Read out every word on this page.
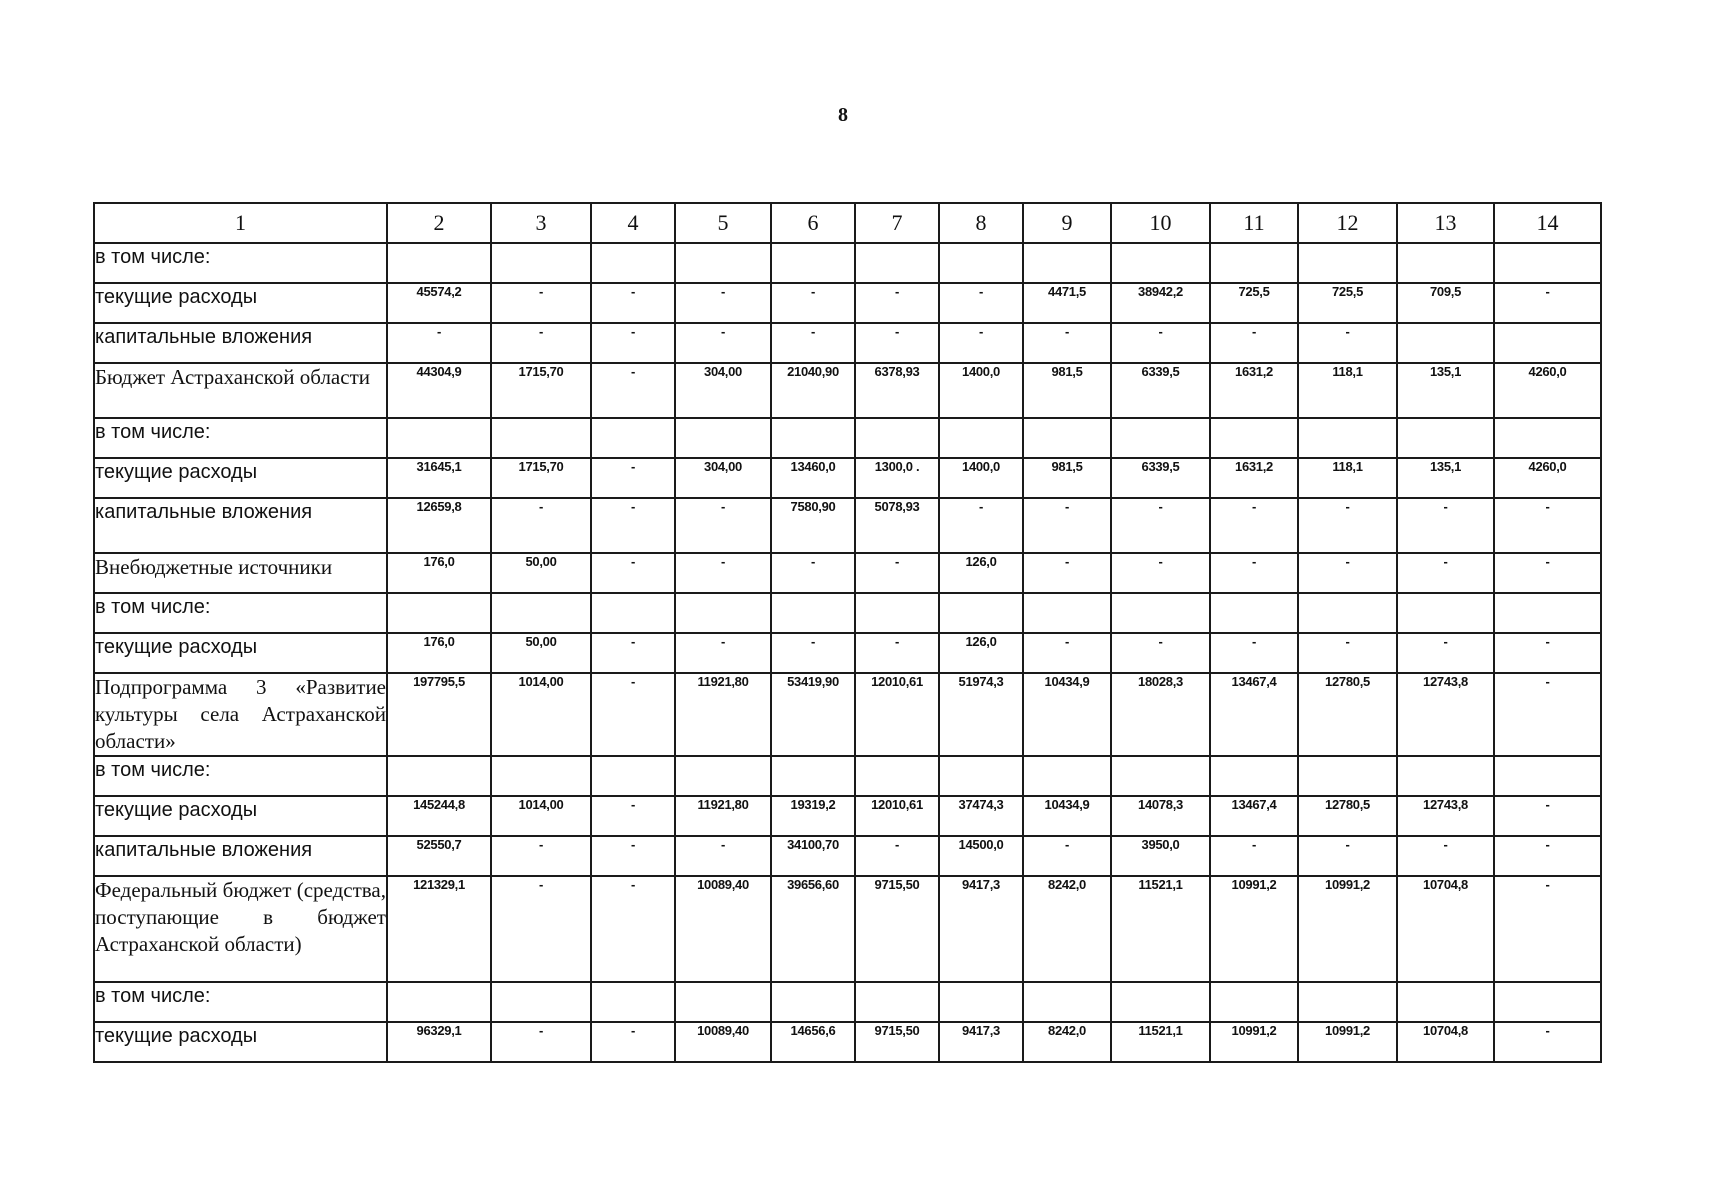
8
1	2	3	4	5	6	7	8	9	10	11	12	13	14
в том числе:													
текущие расходы	45574,2	-	-	-	-	-	-	4471,5	38942,2	725,5	725,5	709,5	-
капитальные вложения	-	-	-	-	-	-	-	-	-	-	-		
Бюджет Астраханской области	44304,9	1715,70	-	304,00	21040,90	6378,93	1400,0	981,5	6339,5	1631,2	118,1	135,1	4260,0
в том числе:													
текущие расходы	31645,1	1715,70	-	304,00	13460,0	1300,0 .	1400,0	981,5	6339,5	1631,2	118,1	135,1	4260,0
капитальные вложения	12659,8	-	-	-	7580,90	5078,93	-	-	-	-	-	-	-
Внебюджетные источники	176,0	50,00	-	-	-	-	126,0	-	-	-	-	-	-
в том числе:													
текущие расходы	176,0	50,00	-	-	-	-	126,0	-	-	-	-	-	-
Подпрограмма 3 «Развитие культуры села Астраханской области»	197795,5	1014,00	-	11921,80	53419,90	12010,61	51974,3	10434,9	18028,3	13467,4	12780,5	12743,8	-
в том числе:													
текущие расходы	145244,8	1014,00	-	11921,80	19319,2	12010,61	37474,3	10434,9	14078,3	13467,4	12780,5	12743,8	-
капитальные вложения	52550,7	-	-	-	34100,70	-	14500,0	-	3950,0	-	-	-	-
Федеральный бюджет (средства, поступающие в бюджет Астраханской области)	121329,1	-	-	10089,40	39656,60	9715,50	9417,3	8242,0	11521,1	10991,2	10991,2	10704,8	-
в том числе:													
текущие расходы	96329,1	-	-	10089,40	14656,6	9715,50	9417,3	8242,0	11521,1	10991,2	10991,2	10704,8	-
